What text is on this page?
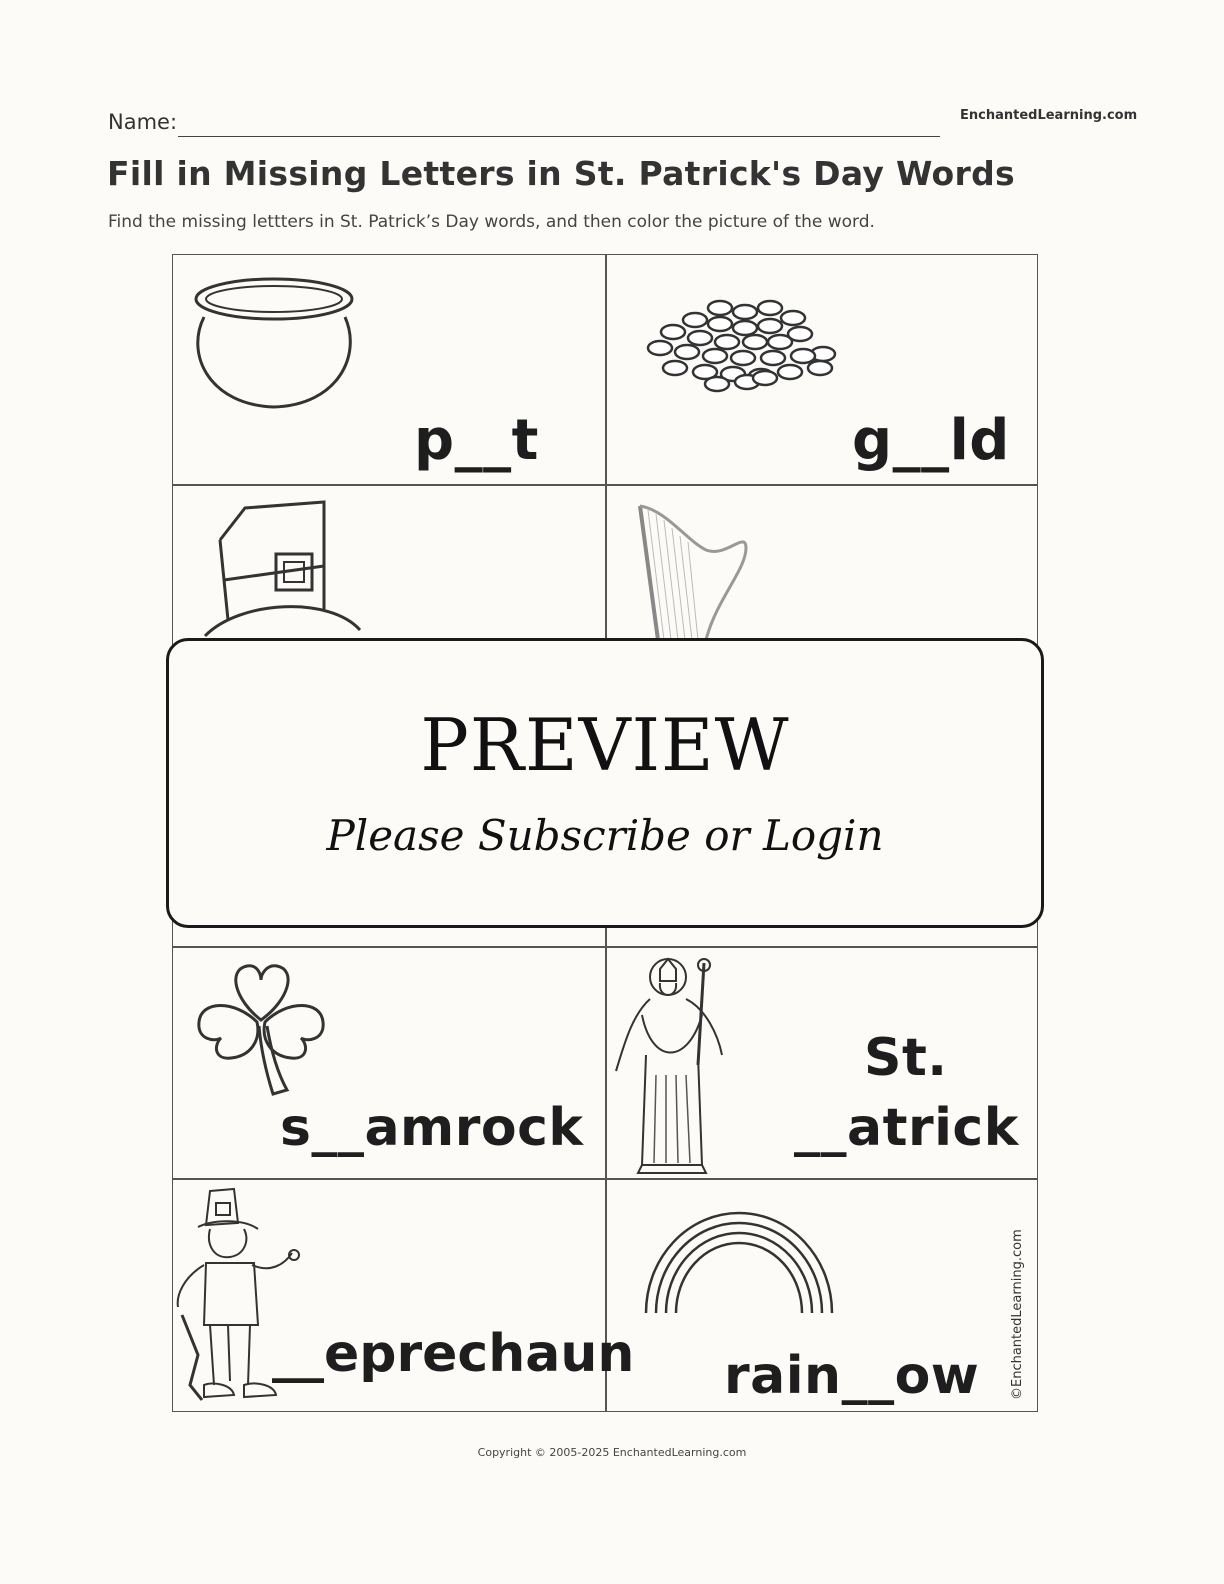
Name:	EnchantedLearning.com
Fill in Missing Letters in St. Patrick's Day Words
Find the missing lettters in St. Patrick’s Day words, and then color the picture of the word.
p__t	g__ld
s__amrock
St.
__atrick
__eprechaun rain__ow ©EnchantedLearning.com
PREVIEW
Please Subscribe or Login
Copyright © 2005-2025 EnchantedLearning.com
